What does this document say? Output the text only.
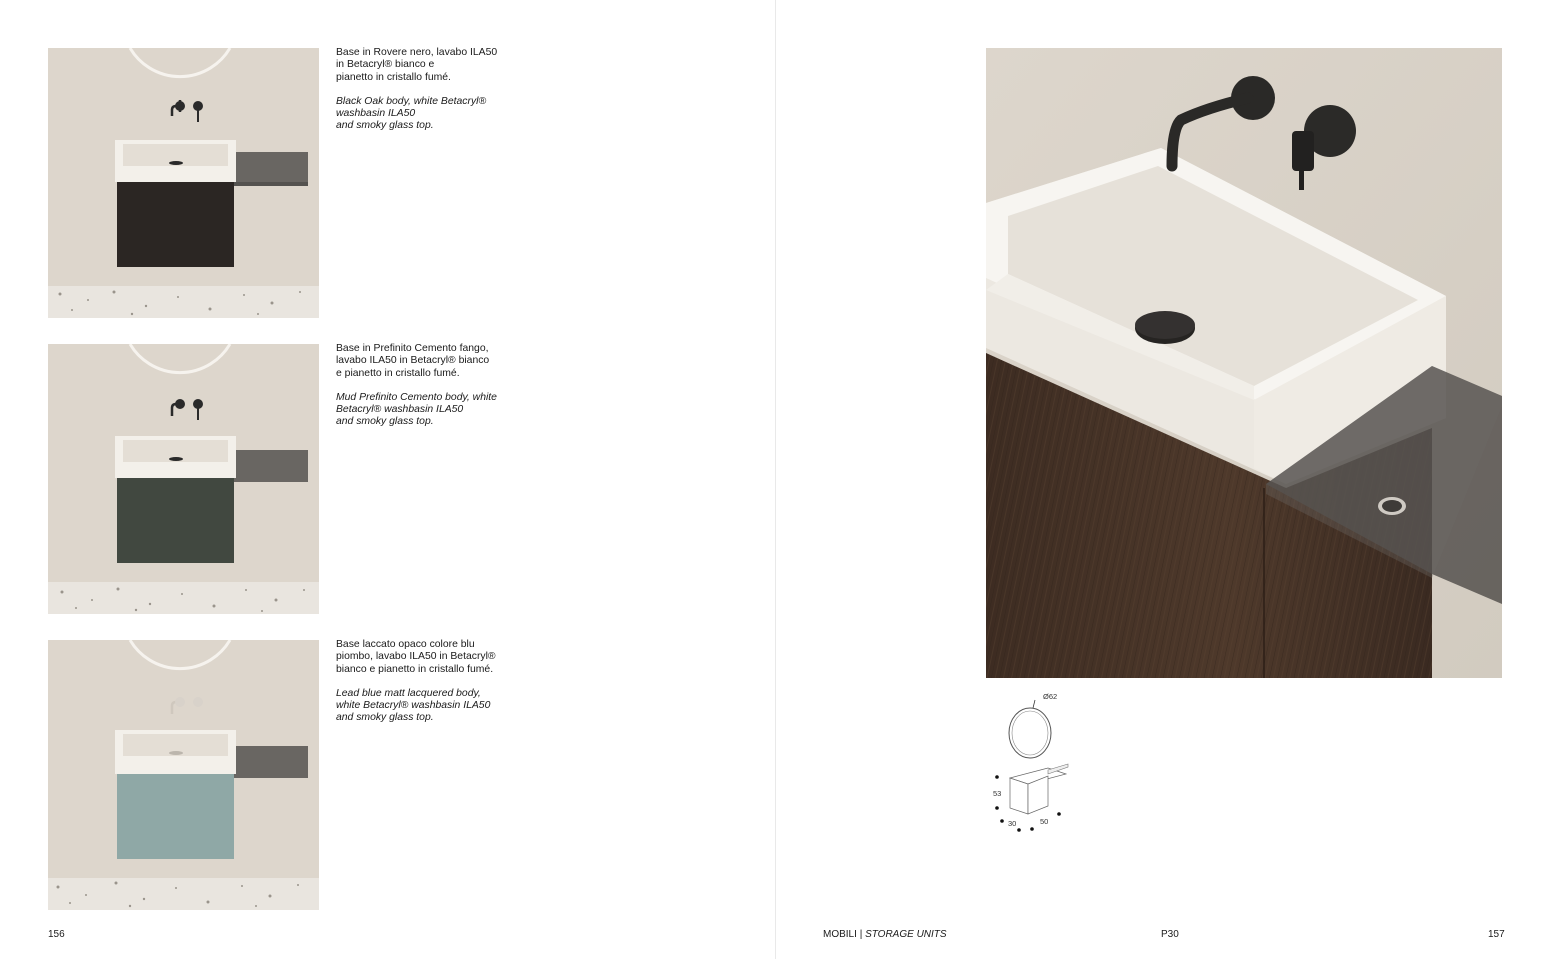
Base in Rovere nero, lavabo ILA50
in Betacryl® bianco e
pianetto in cristallo fumé.

Black Oak body, white Betacryl®
washbasin ILA50
and smoky glass top.

Base in Prefinito Cemento fango,
lavabo ILA50 in Betacryl® bianco
e pianetto in cristallo fumé.

Mud Prefinito Cemento body, white
Betacryl® washbasin ILA50
and smoky glass top.

Base laccato opaco colore blu
piombo, lavabo ILA50 in Betacryl®
bianco e pianetto in cristallo fumé.

Lead blue matt lacquered body,
white Betacryl® washbasin ILA50
and smoky glass top.

Ø62
53
30	50
156	MOBILI | STORAGE UNITS	P30	157
